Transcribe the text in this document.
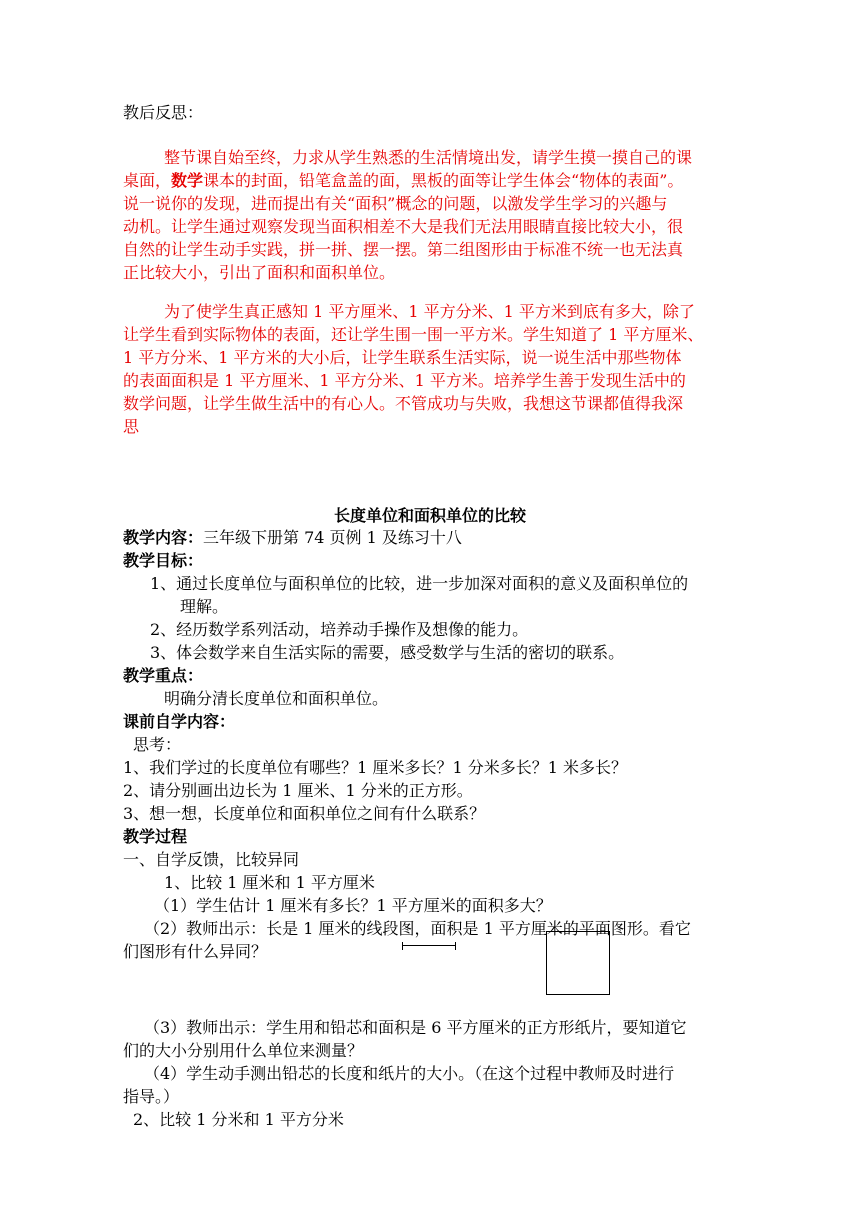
教后反思：
整节课自始至终，力求从学生熟悉的生活情境出发，请学生摸一摸自己的课
桌面，数学课本的封面，铅笔盒盖的面，黑板的面等让学生体会“物体的表面”。
说一说你的发现，进而提出有关“面积”概念的问题，以激发学生学习的兴趣与
动机。让学生通过观察发现当面积相差不大是我们无法用眼睛直接比较大小，很
自然的让学生动手实践，拼一拼、摆一摆。第二组图形由于标准不统一也无法真
正比较大小，引出了面积和面积单位。
为了使学生真正感知 1 平方厘米、1 平方分米、1 平方米到底有多大，除了
让学生看到实际物体的表面，还让学生围一围一平方米。学生知道了 1 平方厘米、
1 平方分米、1 平方米的大小后，让学生联系生活实际，说一说生活中那些物体
的表面面积是 1 平方厘米、1 平方分米、1 平方米。培养学生善于发现生活中的
数学问题，让学生做生活中的有心人。不管成功与失败，我想这节课都值得我深
思
长度单位和面积单位的比较
教学内容：三年级下册第 74 页例 1 及练习十八
教学目标：
1、通过长度单位与面积单位的比较，进一步加深对面积的意义及面积单位的
理解。
2、经历数学系列活动，培养动手操作及想像的能力。
3、体会数学来自生活实际的需要，感受数学与生活的密切的联系。
教学重点：
明确分清长度单位和面积单位。
课前自学内容：
思考：
1、我们学过的长度单位有哪些？1 厘米多长？1 分米多长？1 米多长？
2、请分别画出边长为 1 厘米、1 分米的正方形。
3、想一想，长度单位和面积单位之间有什么联系？
教学过程
一、自学反馈，比较异同
1、比较 1 厘米和 1 平方厘米
（1）学生估计 1 厘米有多长？1 平方厘米的面积多大？
（2）教师出示：长是 1 厘米的线段图，面积是 1 平方厘米的平面图形。看它
们图形有什么异同？
（3）教师出示：学生用和铅芯和面积是 6 平方厘米的正方形纸片，要知道它
们的大小分别用什么单位来测量？
（4）学生动手测出铅芯的长度和纸片的大小。（在这个过程中教师及时进行
指导。）
2、比较 1 分米和 1 平方分米
